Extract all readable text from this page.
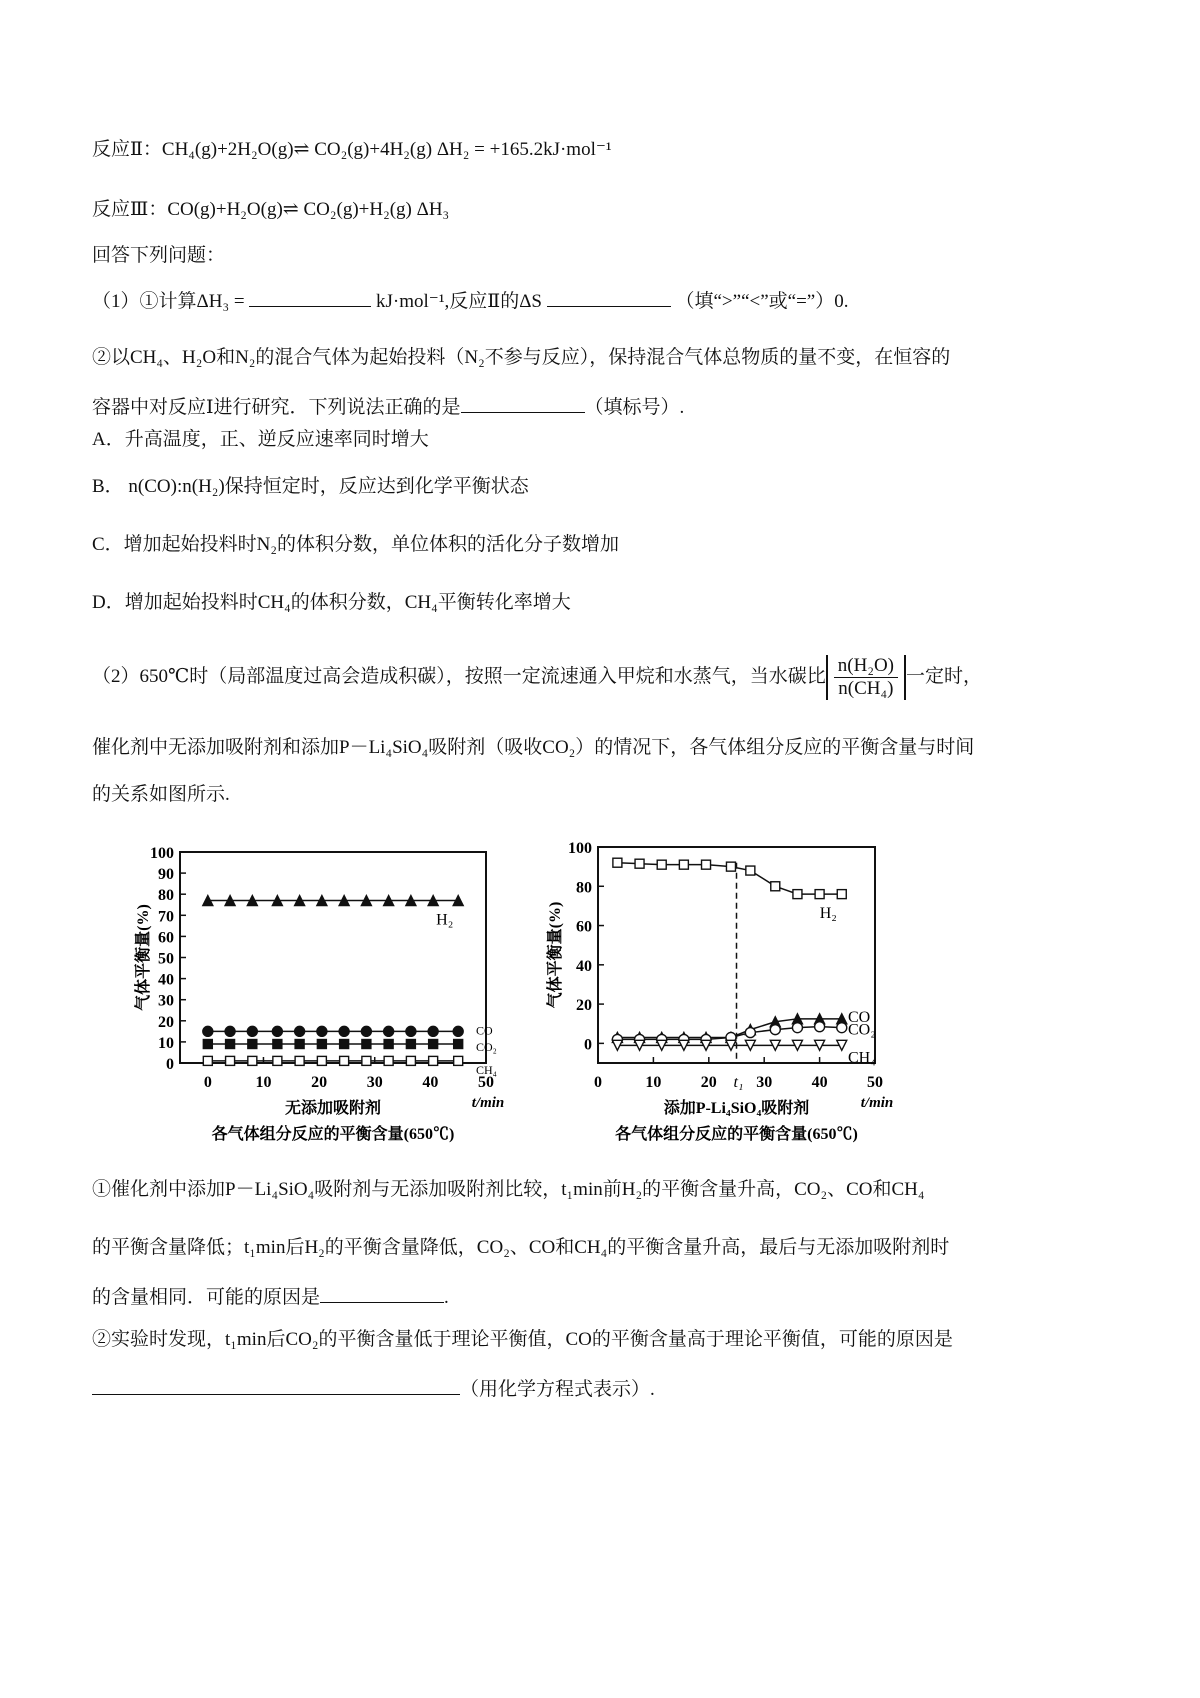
反应Ⅱ：CH₄(g)+2H₂O(g)⇌ CO₂(g)+4H₂(g) ΔH₂ = +165.2kJ·mol⁻¹
反应Ⅲ：CO(g)+H₂O(g)⇌ CO₂(g)+H₂(g) ΔH₃
回答下列问题：
（1）①计算ΔH₃ =	kJ·mol⁻¹,反应Ⅱ的ΔS	（填“>”“<”或“=”）0.
②以CH₄、H₂O和N₂的混合气体为起始投料（N₂不参与反应），保持混合气体总物质的量不变，在恒容的
容器中对反应Ⅰ进行研究．下列说法正确的是	（填标号）.
A．升高温度，正、逆反应速率同时增大
B． n(CO):n(H₂)保持恒定时，反应达到化学平衡状态
C．增加起始投料时N₂的体积分数，单位体积的活化分子数增加
D．增加起始投料时CH₄的体积分数，CH₄平衡转化率增大
（2）650℃时（局部温度过高会造成积碳），按照一定流速通入甲烷和水蒸气，当水碳比 $\frac{\text{n(H₂O)}}{\text{n(CH₄)}}$ 一定时，
催化剂中无添加吸附剂和添加P－Li₄SiO₄吸附剂（吸收CO₂）的情况下，各气体组分反应的平衡含量与时间
的关系如图所示.
0
10
20
30
40
50
60
70
80
90
100
0	10 20 30 40 50
t/min
气体平衡量(%)
无添加吸附剂
各气体组分反应的平衡含量(650℃)
H₂
CO
CO₂
CH₄
0
20
40
60
80
100
0	10 20 30 40 50
t/min
气体平衡量(%)
添加P-Li₄SiO₄吸附剂
各气体组分反应的平衡含量(650℃)
t₁
H₂
CO
CO₂
CH₄
①催化剂中添加P－Li₄SiO₄吸附剂与无添加吸附剂比较，t₁min前H₂的平衡含量升高，CO₂、CO和CH₄
的平衡含量降低；t₁min后H₂的平衡含量降低，CO₂、CO和CH₄的平衡含量升高，最后与无添加吸附剂时
的含量相同．可能的原因是	.
②实验时发现，t₁min后CO₂的平衡含量低于理论平衡值，CO的平衡含量高于理论平衡值，可能的原因是
（用化学方程式表示）.
